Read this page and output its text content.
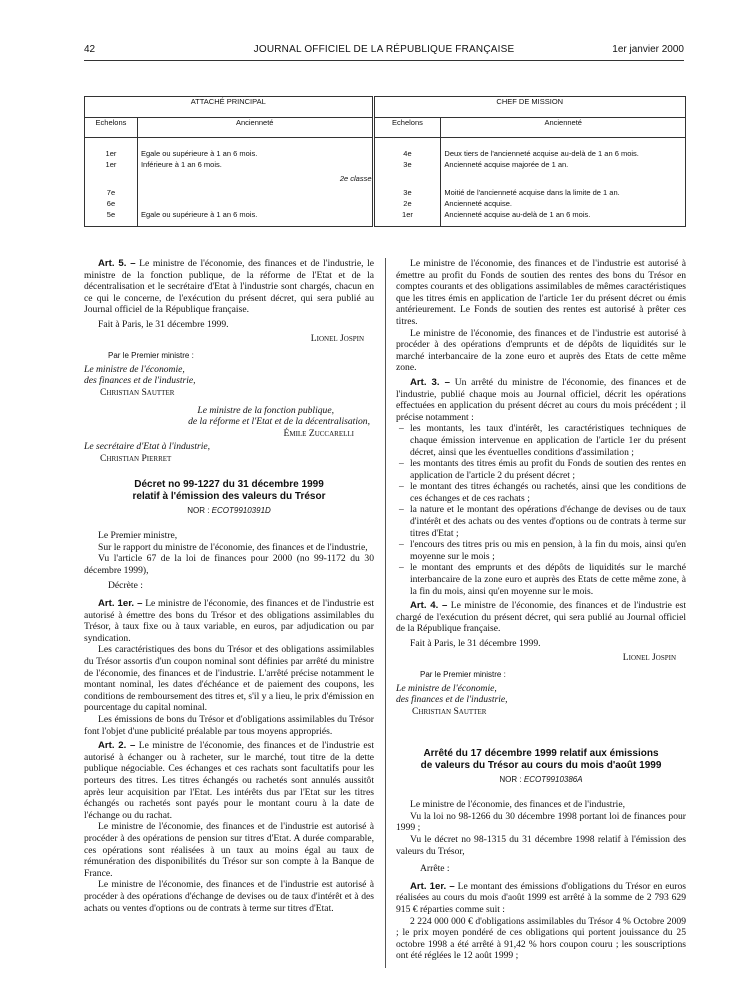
42	JOURNAL OFFICIEL DE LA RÉPUBLIQUE FRANÇAISE	1er janvier 2000
ATTACHÉ PRINCIPAL		CHEF DE MISSION	
Echelons	Ancienneté	Echelons	Ancienneté
1er	Egale ou supérieure à 1 an 6 mois.	4e	Deux tiers de l'ancienneté acquise au-delà de 1 an 6 mois.
1er	Inférieure à 1 an 6 mois.	3e	Ancienneté acquise majorée de 1 an.
	2e classe		
7e		3e	Moitié de l'ancienneté acquise dans la limite de 1 an.
6e		2e	Ancienneté acquise.
5e	Egale ou supérieure à 1 an 6 mois.	1er	Ancienneté acquise au-delà de 1 an 6 mois.

Art. 5. – Le ministre de l'économie, des finances et de l'industrie, le ministre de la fonction publique, de la réforme de l'Etat et de la décentralisation et le secrétaire d'Etat à l'industrie sont chargés, chacun en ce qui le concerne, de l'exécution du présent décret, qui sera publié au Journal officiel de la République française.

Fait à Paris, le 31 décembre 1999.

Lionel Jospin
Par le Premier ministre :
Le ministre de l'économie,
des finances et de l'industrie,
Christian Sautter
Le ministre de la fonction publique,
de la réforme et l'Etat et de la décentralisation,
Émile Zuccarelli
Le secrétaire d'Etat à l'industrie,
Christian Pierret
Décret no 99-1227 du 31 décembre 1999
relatif à l'émission des valeurs du Trésor
NOR : ECOT9910391D

Le Premier ministre,

Sur le rapport du ministre de l'économie, des finances et de l'industrie,

Vu l'article 67 de la loi de finances pour 2000 (no 99-1172 du 30 décembre 1999),

Décrète :

Art. 1er. – Le ministre de l'économie, des finances et de l'industrie est autorisé à émettre des bons du Trésor et des obligations assimilables du Trésor, à taux fixe ou à taux variable, en euros, par adjudication ou par syndication.

Les caractéristiques des bons du Trésor et des obligations assimilables du Trésor assortis d'un coupon nominal sont définies par arrêté du ministre de l'économie, des finances et de l'industrie. L'arrêté précise notamment le montant nominal, les dates d'échéance et de paiement des coupons, les conditions de remboursement des titres et, s'il y a lieu, le prix d'émission en pourcentage du capital nominal.

Les émissions de bons du Trésor et d'obligations assimilables du Trésor font l'objet d'une publicité préalable par tous moyens appropriés.

Art. 2. – Le ministre de l'économie, des finances et de l'industrie est autorisé à échanger ou à racheter, sur le marché, tout titre de la dette publique négociable. Ces échanges et ces rachats sont facultatifs pour les porteurs des titres. Les titres échangés ou rachetés sont annulés aussitôt après leur acquisition par l'Etat. Les intérêts dus par l'Etat sur les titres échangés ou rachetés sont payés pour le montant couru à la date de l'échange ou du rachat.

Le ministre de l'économie, des finances et de l'industrie est autorisé à procéder à des opérations de pension sur titres d'Etat. A durée comparable, ces opérations sont réalisées à un taux au moins égal au taux de rémunération des disponibilités du Trésor sur son compte à la Banque de France.

Le ministre de l'économie, des finances et de l'industrie est autorisé à procéder à des opérations d'échange de devises ou de taux d'intérêt et à des achats ou ventes d'options ou de contrats à terme sur titres d'Etat.

Le ministre de l'économie, des finances et de l'industrie est autorisé à émettre au profit du Fonds de soutien des rentes des bons du Trésor en comptes courants et des obligations assimilables de mêmes caractéristiques que les titres émis en application de l'article 1er du présent décret ou émis antérieurement. Le Fonds de soutien des rentes est autorisé à prêter ces titres.

Le ministre de l'économie, des finances et de l'industrie est autorisé à procéder à des opérations d'emprunts et de dépôts de liquidités sur le marché interbancaire de la zone euro et auprès des Etats de cette même zone.

Art. 3. – Un arrêté du ministre de l'économie, des finances et de l'industrie, publié chaque mois au Journal officiel, décrit les opérations effectuées en application du présent décret au cours du mois précédent ; il précise notamment :

– les montants, les taux d'intérêt, les caractéristiques techniques de chaque émission intervenue en application de l'article 1er du présent décret, ainsi que les éventuelles conditions d'assimilation ;
– les montants des titres émis au profit du Fonds de soutien des rentes en application de l'article 2 du présent décret ;
– le montant des titres échangés ou rachetés, ainsi que les conditions de ces échanges et de ces rachats ;
– la nature et le montant des opérations d'échange de devises ou de taux d'intérêt et des achats ou des ventes d'options ou de contrats à terme sur titres d'Etat ;
– l'encours des titres pris ou mis en pension, à la fin du mois, ainsi qu'en moyenne sur le mois ;
– le montant des emprunts et des dépôts de liquidités sur le marché interbancaire de la zone euro et auprès des Etats de cette même zone, à la fin du mois, ainsi qu'en moyenne sur le mois.

Art. 4. – Le ministre de l'économie, des finances et de l'industrie est chargé de l'exécution du présent décret, qui sera publié au Journal officiel de la République française.

Fait à Paris, le 31 décembre 1999.

Lionel Jospin
Par le Premier ministre :
Le ministre de l'économie,
des finances et de l'industrie,
Christian Sautter
Arrêté du 17 décembre 1999 relatif aux émissions
de valeurs du Trésor au cours du mois d'août 1999
NOR : ECOT9910386A

Le ministre de l'économie, des finances et de l'industrie,

Vu la loi no 98-1266 du 30 décembre 1998 portant loi de finances pour 1999 ;

Vu le décret no 98-1315 du 31 décembre 1998 relatif à l'émission des valeurs du Trésor,

Arrête :

Art. 1er. – Le montant des émissions d'obligations du Trésor en euros réalisées au cours du mois d'août 1999 est arrêté à la somme de 2 793 629 915 € réparties comme suit :

2 224 000 000 € d'obligations assimilables du Trésor 4 % Octobre 2009 ; le prix moyen pondéré de ces obligations qui portent jouissance du 25 octobre 1998 a été arrêté à 91,42 % hors coupon couru ; les souscriptions ont été réglées le 12 août 1999 ;
